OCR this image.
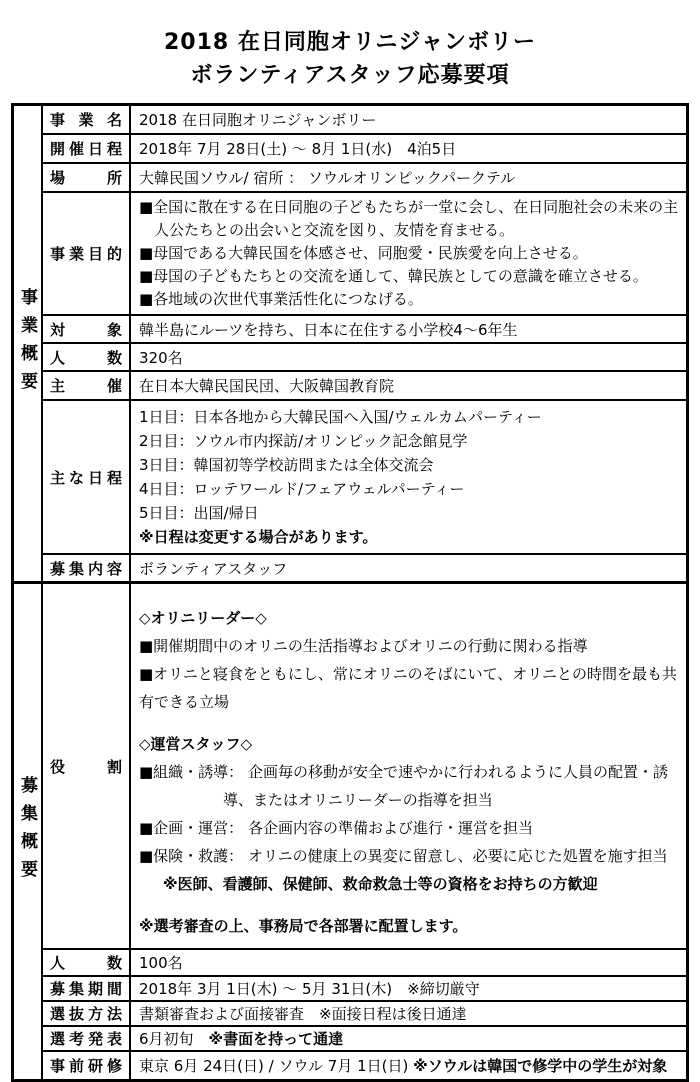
2018 在日同胞オリニジャンボリー
ボランティアスタッフ応募要項
事業概要
事業名 2018 在日同胞オリニジャンボリー
開催日程 2018年 7月 28日(土) ～ 8月 1日(水)　4泊5日
場所 大韓民国ソウル/ 宿所 ： ソウルオリンピックパークテル
事業目的
■全国に散在する在日同胞の子どもたちが一堂に会し、在日同胞社会の未来の主人公たちとの出会いと交流を図り、友情を育ませる。
■母国である大韓民国を体感させ、同胞愛・民族愛を向上させる。
■母国の子どもたちとの交流を通して、韓民族としての意識を確立させる。
■各地域の次世代事業活性化につなげる。
対象 韓半島にルーツを持ち、日本に在住する小学校4～6年生
人数 320名
主催 在日本大韓民国民団、大阪韓国教育院
主な日程
1日目：日本各地から大韓民国へ入国/ウェルカムパーティー
2日目：ソウル市内探訪/オリンピック記念館見学
3日目：韓国初等学校訪問または全体交流会
4日目：ロッテワールド/フェアウェルパーティー
5日目：出国/帰日
※日程は変更する場合があります。
募集内容 ボランティアスタッフ
募集概要
役割
◇オリニリーダー◇
■開催期間中のオリニの生活指導およびオリニの行動に関わる指導
■オリニと寝食をともにし、常にオリニのそばにいて、オリニとの時間を最も共有できる立場

◇運営スタッフ◇
■組織・誘導： 企画毎の移動が安全で速やかに行われるように人員の配置・誘導、またはオリニリーダーの指導を担当
■企画・運営： 各企画内容の準備および進行・運営を担当
■保険・救護： オリニの健康上の異変に留意し、必要に応じた処置を施す担当
※医師、看護師、保健師、救命救急士等の資格をお持ちの方歓迎

※選考審査の上、事務局で各部署に配置します。
人数 100名
募集期間 2018年 3月 1日(木) ～ 5月 31日(木)　※締切厳守
選抜方法 書類審査および面接審査　※面接日程は後日通達
選考発表 6月初旬　※書面を持って通達
事前研修 東京 6月 24日(日) / ソウル 7月 1日(日) ※ソウルは韓国で修学中の学生が対象
